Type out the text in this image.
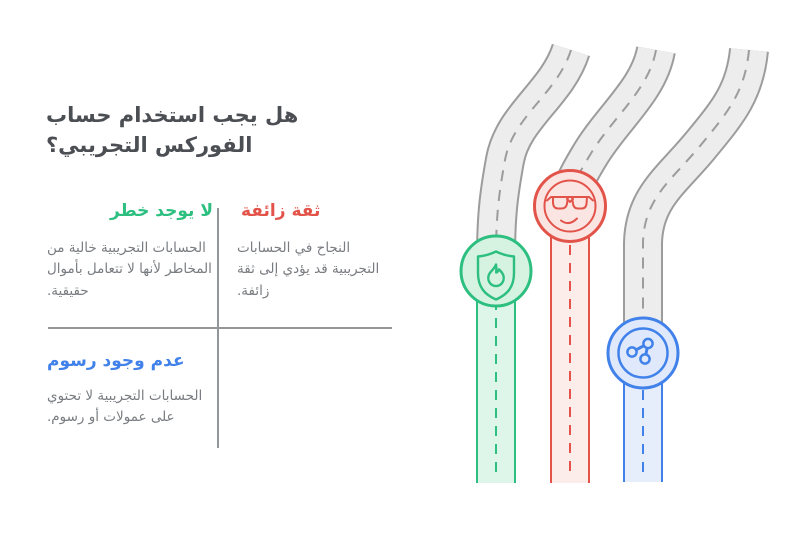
هل يجب استخدام حساب الفوركس التجريبي؟
لا يوجد خطر
الحسابات التجريبية خالية من المخاطر لأنها لا تتعامل بأموال حقيقية.
ثقة زائفة
النجاح في الحسابات التجريبية قد يؤدي إلى ثقة زائفة.
عدم وجود رسوم
الحسابات التجريبية لا تحتوي على عمولات أو رسوم.
